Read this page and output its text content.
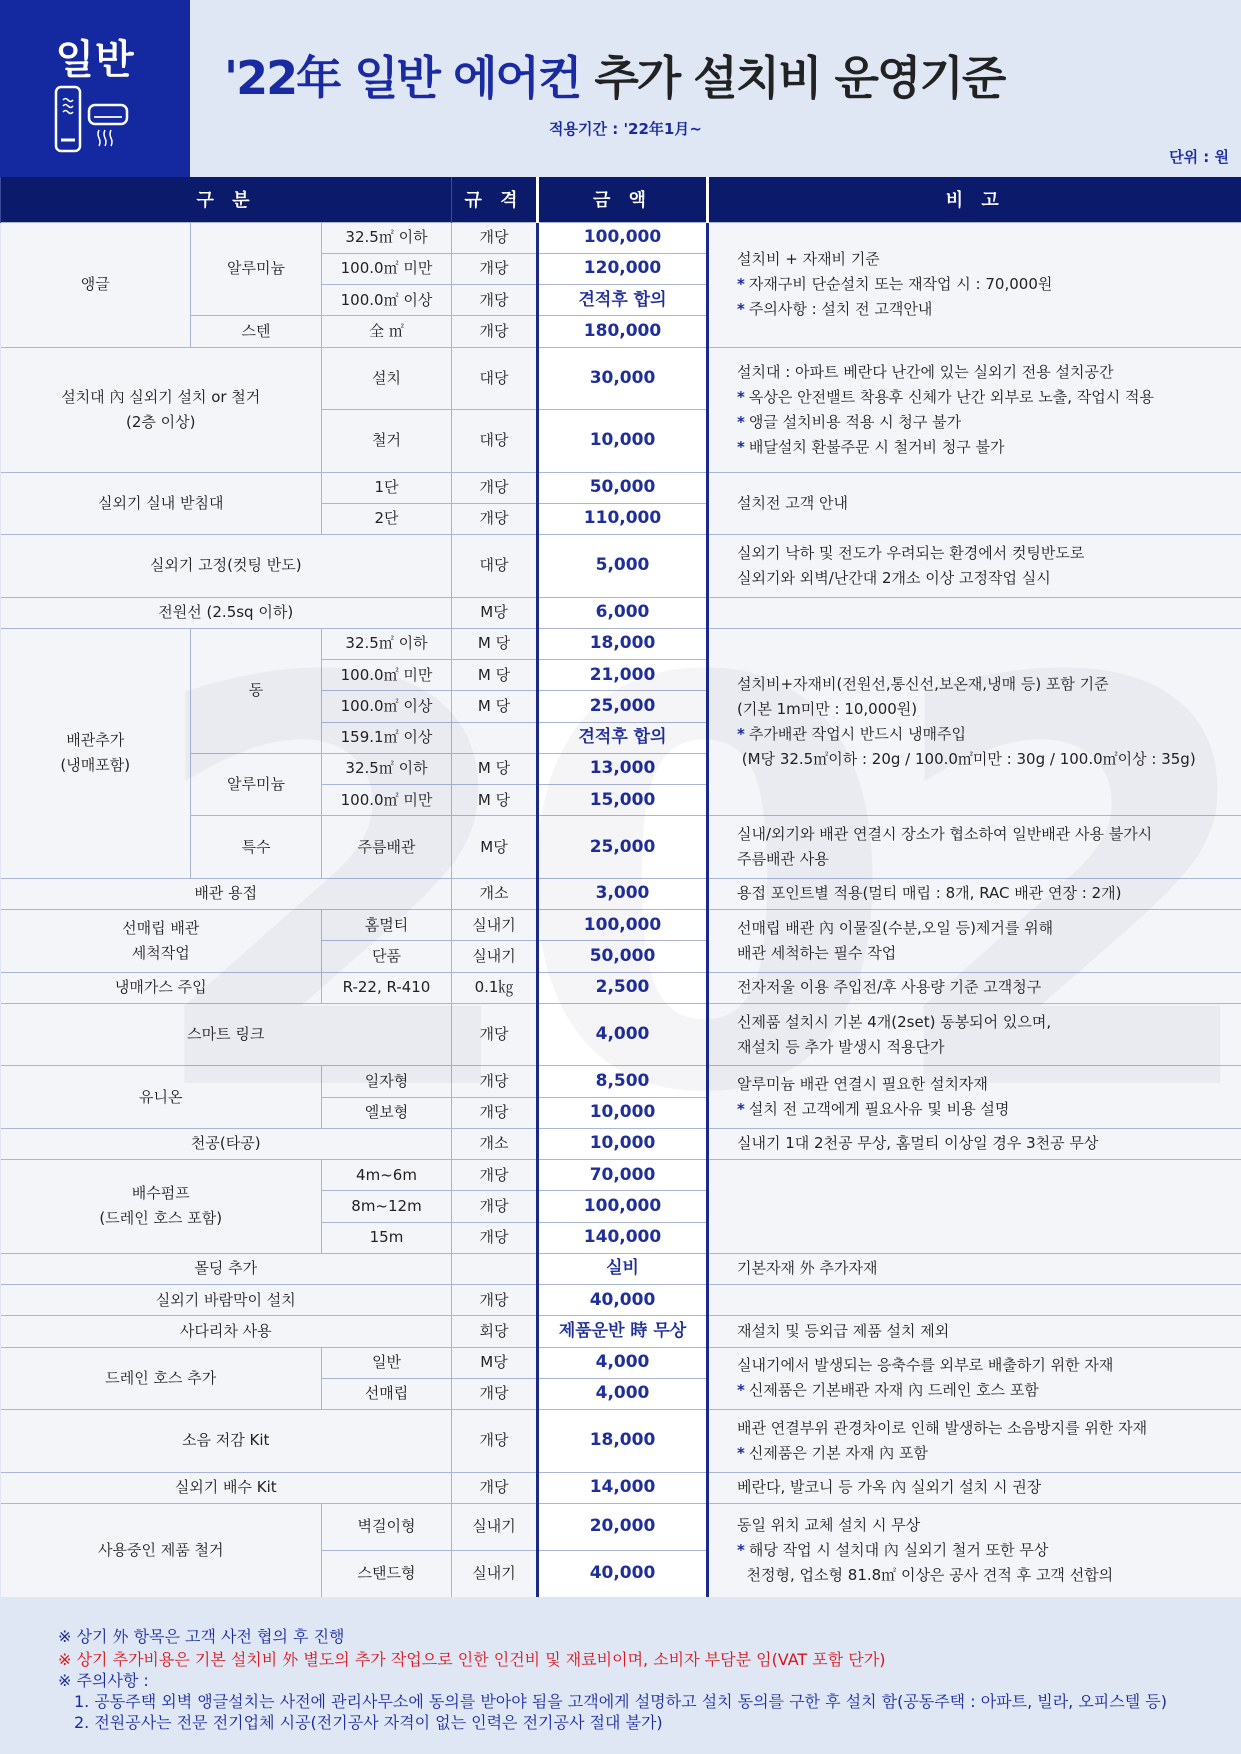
일반	'22年 일반 에어컨 추가 설치비 운영기준
적용기간 : '22年1月~
단위 : 원
구 분			규 격	금 액	비 고
앵글	알루미늄	32.5㎡ 이하	개당	100,000	설치비 + 자재비 기준
* 자재구비 단순설치 또는 재작업 시 : 70,000원
* 주의사항 : 설치 전 고객안내

		100.0㎡ 미만	개당	120,000	
		100.0㎡ 이상	개당	견적후 합의	
	스텐	全 ㎡	개당	180,000	
설치대 內 실외기 설치 or 철거
(2층 이상)		설치	대당	30,000	설치대 : 아파트 베란다 난간에 있는 실외기 전용 설치공간
* 옥상은 안전밸트 착용후 신체가 난간 외부로 노출, 작업시 적용
* 앵글 설치비용 적용 시 청구 불가
* 배달설치 환불주문 시 철거비 청구 불가

		철거	대당	10,000	
실외기 실내 받침대		1단	개당	50,000	설치전 고객 안내

		2단	개당	110,000	
실외기 고정(컷팅 반도)			대당	5,000	실외기 낙하 및 전도가 우려되는 환경에서 컷팅반도로
실외기와 외벽/난간대 2개소 이상 고정작업 실시

전원선 (2.5sq 이하)			M당	6,000	
배관추가
(냉매포함)	동	32.5㎡ 이하	M 당	18,000	설치비+자재비(전원선,통신선,보온재,냉매 등) 포함 기준
(기본 1m미만 : 10,000원)
* 추가배관 작업시 반드시 냉매주입
(M당 32.5㎡이하 : 20g / 100.0㎡미만 : 30g / 100.0㎡이상 : 35g)

		100.0㎡ 미만	M 당	21,000	
		100.0㎡ 이상	M 당	25,000	
		159.1㎡ 이상		견적후 합의	
	알루미늄	32.5㎡ 이하	M 당	13,000	
		100.0㎡ 미만	M 당	15,000	
	특수	주름배관	M당	25,000	실내/외기와 배관 연결시 장소가 협소하여 일반배관 사용 불가시
주름배관 사용

배관 용접			개소	3,000	용접 포인트별 적용(멀티 매립 : 8개, RAC 배관 연장 : 2개)

선매립 배관
세척작업		홈멀티	실내기	100,000	선매립 배관 內 이물질(수분,오일 등)제거를 위해
배관 세척하는 필수 작업

		단품	실내기	50,000	
냉매가스 주입		R-22, R-410	0.1㎏	2,500	전자저울 이용 주입전/후 사용량 기준 고객청구

스마트 링크			개당	4,000	신제품 설치시 기본 4개(2set) 동봉되어 있으며,
재설치 등 추가 발생시 적용단가

유니온		일자형	개당	8,500	알루미늄 배관 연결시 필요한 설치자재
* 설치 전 고객에게 필요사유 및 비용 설명

		엘보형	개당	10,000	
천공(타공)			개소	10,000	실내기 1대 2천공 무상, 홈멀티 이상일 경우 3천공 무상

배수펌프
(드레인 호스 포함)		4m~6m	개당	70,000	
		8m~12m	개당	100,000	
		15m	개당	140,000	
몰딩 추가				실비	기본자재 外 추가자재

실외기 바람막이 설치			개당	40,000	
사다리차 사용			회당	제품운반 時 무상	재설치 및 등외급 제품 설치 제외

드레인 호스 추가		일반	M당	4,000	실내기에서 발생되는 응축수를 외부로 배출하기 위한 자재
* 신제품은 기본배관 자재 內 드레인 호스 포함

		선매립	개당	4,000	
소음 저감 Kit			개당	18,000	배관 연결부위 관경차이로 인해 발생하는 소음방지를 위한 자재
* 신제품은 기본 자재 內 포함

실외기 배수 Kit			개당	14,000	베란다, 발코니 등 가옥 內 실외기 설치 시 권장

사용중인 제품 철거		벽걸이형	실내기	20,000	동일 위치 교체 설치 시 무상
* 해당 작업 시 설치대 內 실외기 철거 또한 무상
천정형, 업소형 81.8㎡ 이상은 공사 견적 후 고객 선합의

		스탠드형	실내기	40,000	
※ 상기 外 항목은 고객 사전 협의 후 진행
※ 상기 추가비용은 기본 설치비 外 별도의 추가 작업으로 인한 인건비 및 재료비이며, 소비자 부담분 임(VAT 포함 단가)
※ 주의사항 :
1. 공동주택 외벽 앵글설치는 사전에 관리사무소에 동의를 받아야 됨을 고객에게 설명하고 설치 동의를 구한 후 설치 함(공동주택 : 아파트, 빌라, 오피스텔 등)
2. 전원공사는 전문 전기업체 시공(전기공사 자격이 없는 인력은 전기공사 절대 불가)
